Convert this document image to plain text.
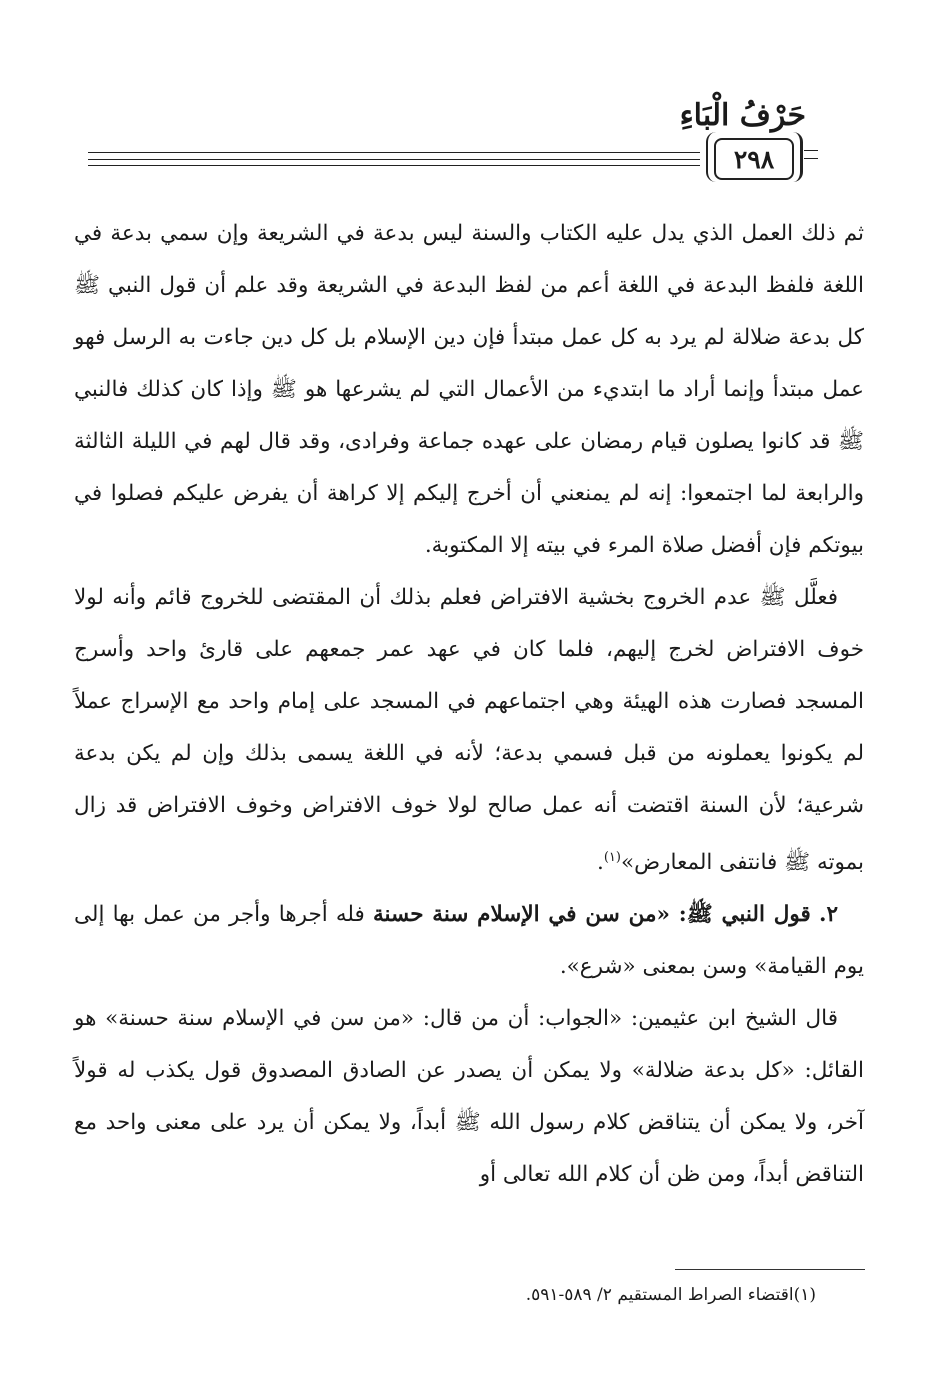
حَرْفُ الْبَاءِ
٢٩٨

ثم ذلك العمل الذي يدل عليه الكتاب والسنة ليس بدعة في الشريعة وإن سمي بدعة في اللغة فلفظ البدعة في اللغة أعم من لفظ البدعة في الشريعة وقد علم أن قول النبي ﷺ كل بدعة ضلالة لم يرد به كل عمل مبتدأ فإن دين الإسلام بل كل دين جاءت به الرسل فهو عمل مبتدأ وإنما أراد ما ابتديء من الأعمال التي لم يشرعها هو ﷺ وإذا كان كذلك فالنبي ﷺ قد كانوا يصلون قيام رمضان على عهده جماعة وفرادى، وقد قال لهم في الليلة الثالثة والرابعة لما اجتمعوا: إنه لم يمنعني أن أخرج إليكم إلا كراهة أن يفرض عليكم فصلوا في بيوتكم فإن أفضل صلاة المرء في بيته إلا المكتوبة.

فعلَّل ﷺ عدم الخروج بخشية الافتراض فعلم بذلك أن المقتضى للخروج قائم وأنه لولا خوف الافتراض لخرج إليهم، فلما كان في عهد عمر جمعهم على قارئ واحد وأسرج المسجد فصارت هذه الهيئة وهي اجتماعهم في المسجد على إمام واحد مع الإسراج عملاً لم يكونوا يعملونه من قبل فسمي بدعة؛ لأنه في اللغة يسمى بذلك وإن لم يكن بدعة شرعية؛ لأن السنة اقتضت أنه عمل صالح لولا خوف الافتراض وخوف الافتراض قد زال بموته ﷺ فانتفى المعارض»$^{(١)}$.

٢. قول النبي ﷺ: «من سن في الإسلام سنة حسنة فله أجرها وأجر من عمل بها إلى يوم القيامة» وسن بمعنى «شرع».

قال الشيخ ابن عثيمين: «الجواب: أن من قال: «من سن في الإسلام سنة حسنة» هو القائل: «كل بدعة ضلالة» ولا يمكن أن يصدر عن الصادق المصدوق قول يكذب له قولاً آخر، ولا يمكن أن يتناقض كلام رسول الله ﷺ أبداً، ولا يمكن أن يرد على معنى واحد مع التناقض أبداً، ومن ظن أن كلام الله تعالى أو

(١)اقتضاء الصراط المستقيم ٢/ ٥٨٩-٥٩١.
